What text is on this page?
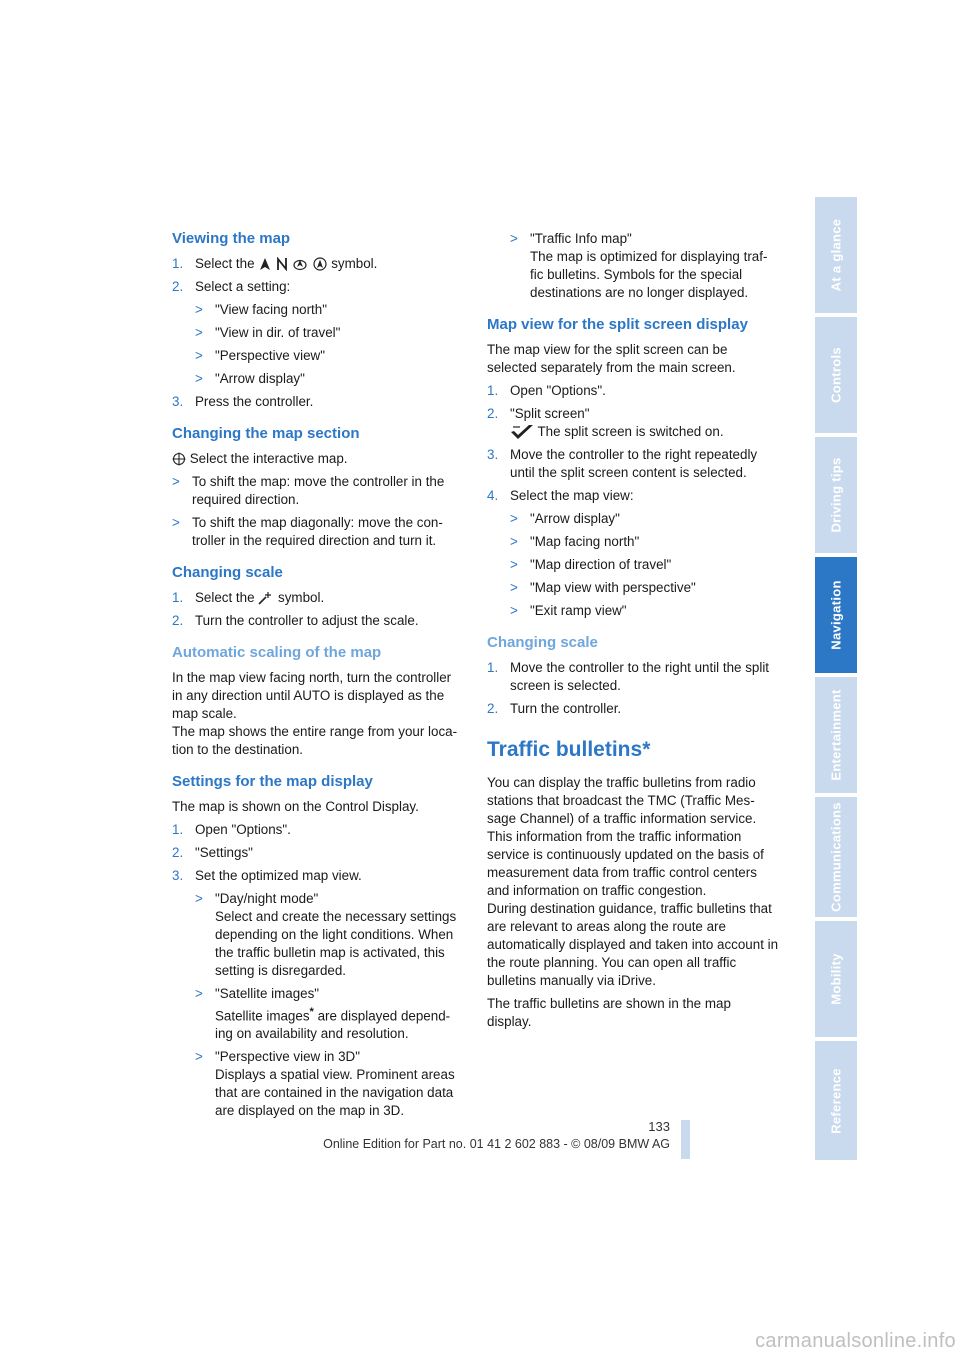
Viewing the map
1. Select the	symbol.
2. Select a setting:
> "View facing north"
> "View in dir. of travel"
> "Perspective view"
> "Arrow display"
3. Press the controller.
Changing the map section

Select the interactive map.

> To shift the map: move the controller in the required direction.
> To shift the map diagonally: move the con-troller in the required direction and turn it.
Changing scale
1. Select the symbol.
2. Turn the controller to adjust the scale.
Automatic scaling of the map

In the map view facing north, turn the controller in any direction until AUTO is displayed as the map scale.

The map shows the entire range from your loca-tion to the destination.

Settings for the map display

The map is shown on the Control Display.

1. Open "Options".
2. "Settings"
3. Set the optimized map view.
> "Day/night mode"
Select and create the necessary settings depending on the light conditions. When the traffic bulletin map is activated, this setting is disregarded.
> "Satellite images"
Satellite images* are displayed depend-ing on availability and resolution.
> "Perspective view in 3D"
Displays a spatial view. Prominent areas that are contained in the navigation data are displayed on the map in 3D.
> "Traffic Info map"
The map is optimized for displaying traf-fic bulletins. Symbols for the special destinations are no longer displayed.
Map view for the split screen display

The map view for the split screen can be selected separately from the main screen.

1. Open "Options".
2. "Split screen"
The split screen is switched on.
3. Move the controller to the right repeatedly until the split screen content is selected.
4. Select the map view:
> "Arrow display"
> "Map facing north"
> "Map direction of travel"
> "Map view with perspective"
> "Exit ramp view"
Changing scale
1. Move the controller to the right until the split screen is selected.
2. Turn the controller.
Traffic bulletins*

You can display the traffic bulletins from radio stations that broadcast the TMC (Traffic Mes-sage Channel) of a traffic information service. This information from the traffic information service is continuously updated on the basis of measurement data from traffic control centers and information on traffic congestion.

During destination guidance, traffic bulletins that are relevant to areas along the route are automatically displayed and taken into account in the route planning. You can open all traffic bulletins manually via iDrive.

The traffic bulletins are shown in the map display.

At a glance
Controls
Driving tips
Navigation
Entertainment
Communications
Mobility
Reference
133
Online Edition for Part no. 01 41 2 602 883 - © 08/09 BMW AG
carmanualsonline.info
